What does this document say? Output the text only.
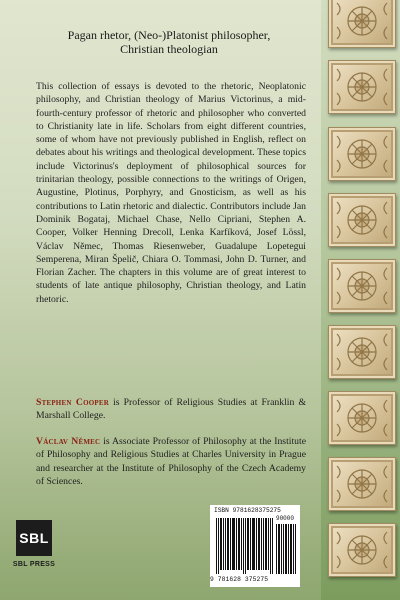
Pagan rhetor, (Neo-)Platonist philosopher,
Christian theologian

This collection of essays is devoted to the rhetoric, Neoplatonic philosophy, and Christian theology of Marius Victorinus, a mid-fourth-century professor of rhetoric and philosopher who converted to Christianity late in life. Scholars from eight different countries, some of whom have not previously published in English, reflect on debates about his writings and theological development. These topics include Victorinus's deployment of philosophical sources for trinitarian theology, possible connections to the writings of Origen, Augustine, Plotinus, Porphyry, and Gnosticism, as well as his contributions to Latin rhetoric and dialectic. Contributors include Jan Dominik Bogataj, Michael Chase, Nello Cipriani, Stephen A. Cooper, Volker Henning Drecoll, Lenka Karfíková, Josef Lössl, Václav Němec, Thomas Riesenweber, Guadalupe Lopetegui Semperena, Miran Špelič, Chiara O. Tommasi, John D. Turner, and Florian Zacher. The chapters in this volume are of great interest to students of late antique philosophy, Christian theology, and Latin rhetoric.

Stephen Cooper is Professor of Religious Studies at Franklin & Marshall College.

Václav Němec is Associate Professor of Philosophy at the Institute of Philosophy and Religious Studies at Charles University in Prague and researcher at the Institute of Philosophy of the Czech Academy of Sciences.

SBL
SBL PRESS
ISBN 9781628375275
90000
9 781628 375275
